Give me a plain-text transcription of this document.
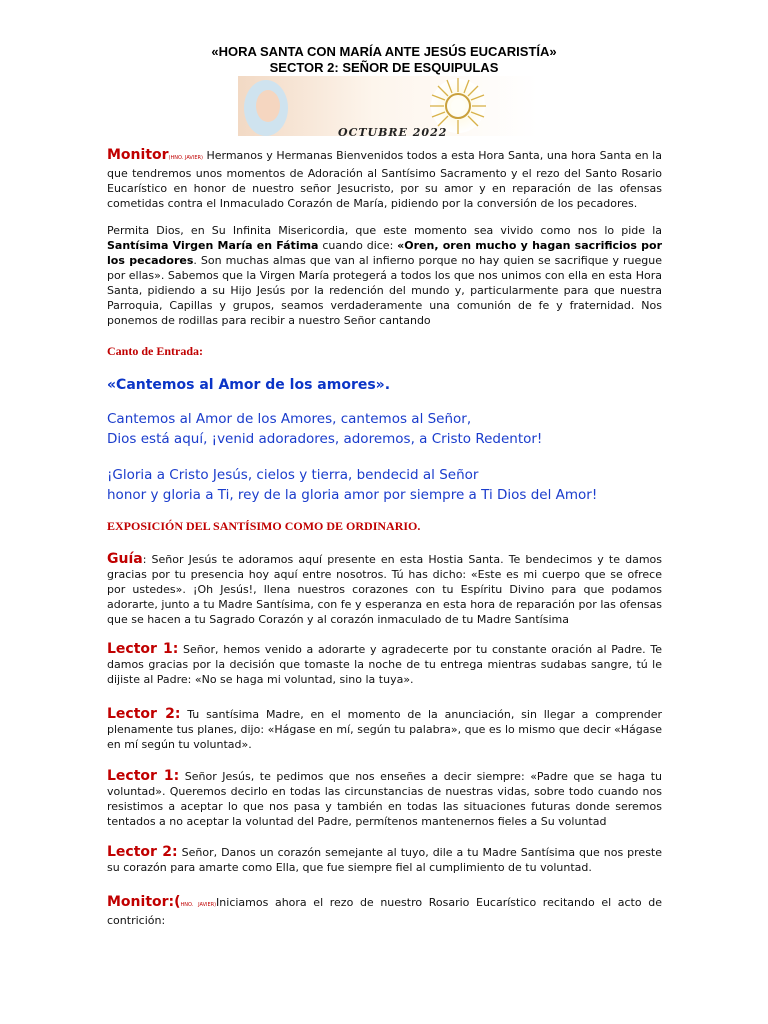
«HORA SANTA CON MARÍA ANTE JESÚS EUCARISTÍA»
SECTOR 2: SEÑOR DE ESQUIPULAS
OCTUBRE 2022

Monitor(HNO. JAVIER) Hermanos y Hermanas Bienvenidos todos a esta Hora Santa, una hora Santa en la que tendremos unos momentos de Adoración al Santísimo Sacramento y el rezo del Santo Rosario Eucarístico en honor de nuestro señor Jesucristo, por su amor y en reparación de las ofensas cometidas contra el Inmaculado Corazón de María, pidiendo por la conversión de los pecadores.

Permita Dios, en Su Infinita Misericordia, que este momento sea vivido como nos lo pide la Santísima Virgen María en Fátima cuando dice: «Oren, oren mucho y hagan sacrificios por los pecadores. Son muchas almas que van al infierno porque no hay quien se sacrifique y ruegue por ellas». Sabemos que la Virgen María protegerá a todos los que nos unimos con ella en esta Hora Santa, pidiendo a su Hijo Jesús por la redención del mundo y, particularmente para que nuestra Parroquia, Capillas y grupos, seamos verdaderamente una comunión de fe y fraternidad. Nos ponemos de rodillas para recibir a nuestro Señor cantando

Canto de Entrada:
«Cantemos al Amor de los amores».
Cantemos al Amor de los Amores, cantemos al Señor,
Dios está aquí, ¡venid adoradores, adoremos, a Cristo Redentor!
¡Gloria a Cristo Jesús, cielos y tierra, bendecid al Señor
honor y gloria a Ti, rey de la gloria amor por siempre a Ti Dios del Amor!
EXPOSICIÓN DEL SANTÍSIMO COMO DE ORDINARIO.

Guía: Señor Jesús te adoramos aquí presente en esta Hostia Santa. Te bendecimos y te damos gracias por tu presencia hoy aquí entre nosotros. Tú has dicho: «Este es mi cuerpo que se ofrece por ustedes». ¡Oh Jesús!, llena nuestros corazones con tu Espíritu Divino para que podamos adorarte, junto a tu Madre Santísima, con fe y esperanza en esta hora de reparación por las ofensas que se hacen a tu Sagrado Corazón y al corazón inmaculado de tu Madre Santísima

Lector 1: Señor, hemos venido a adorarte y agradecerte por tu constante oración al Padre. Te damos gracias por la decisión que tomaste la noche de tu entrega mientras sudabas sangre, tú le dijiste al Padre: «No se haga mi voluntad, sino la tuya».

Lector 2: Tu santísima Madre, en el momento de la anunciación, sin llegar a comprender plenamente tus planes, dijo: «Hágase en mí, según tu palabra», que es lo mismo que decir «Hágase en mí según tu voluntad».

Lector 1: Señor Jesús, te pedimos que nos enseñes a decir siempre: «Padre que se haga tu voluntad». Queremos decirlo en todas las circunstancias de nuestras vidas, sobre todo cuando nos resistimos a aceptar lo que nos pasa y también en todas las situaciones futuras donde seremos tentados a no aceptar la voluntad del Padre, permítenos mantenernos fieles a Su voluntad

Lector 2: Señor, Danos un corazón semejante al tuyo, dile a tu Madre Santísima que nos preste su corazón para amarte como Ella, que fue siempre fiel al cumplimiento de tu voluntad.

Monitor:(HNO. JAVIER)Iniciamos ahora el rezo de nuestro Rosario Eucarístico recitando el acto de contrición:
